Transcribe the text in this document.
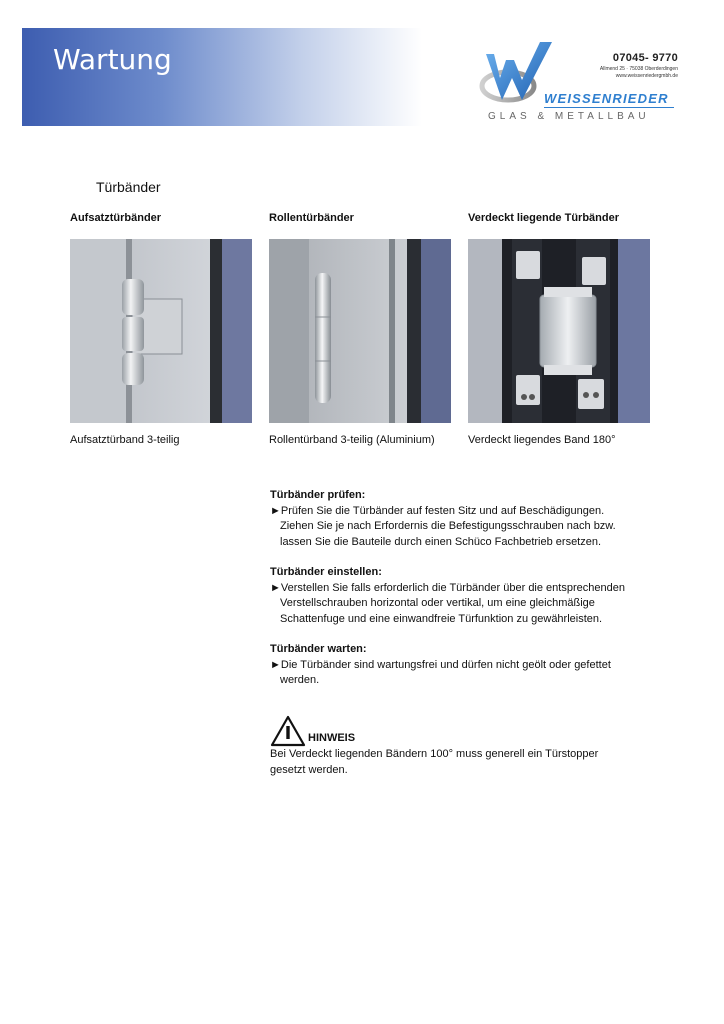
Wartung	07045- 9770
Allmend 25 · 75038 Oberderdingen
www.weissenriedergmbh.de
WEISSENRIEDER
GLAS & METALLBAU
Türbänder
Aufsatztürbänder
Aufsatztürband 3-teilig
Rollentürbänder
Rollentürband 3-teilig (Aluminium)
Verdeckt liegende Türbänder
Verdeckt liegendes Band 180°
Türbänder prüfen:
►Prüfen Sie die Türbänder auf festen Sitz und auf Beschädigungen.
Ziehen Sie je nach Erfordernis die Befestigungsschrauben nach bzw.
lassen Sie die Bauteile durch einen Schüco Fachbetrieb ersetzen.
Türbänder einstellen:
►Verstellen Sie falls erforderlich die Türbänder über die entsprechenden
Verstellschrauben horizontal oder vertikal, um eine gleichmäßige
Schattenfuge und eine einwandfreie Türfunktion zu gewährleisten.
Türbänder warten:
►Die Türbänder sind wartungsfrei und dürfen nicht geölt oder gefettet
werden.
HINWEIS
Bei Verdeckt liegenden Bändern 100° muss generell ein Türstopper
gesetzt werden.
